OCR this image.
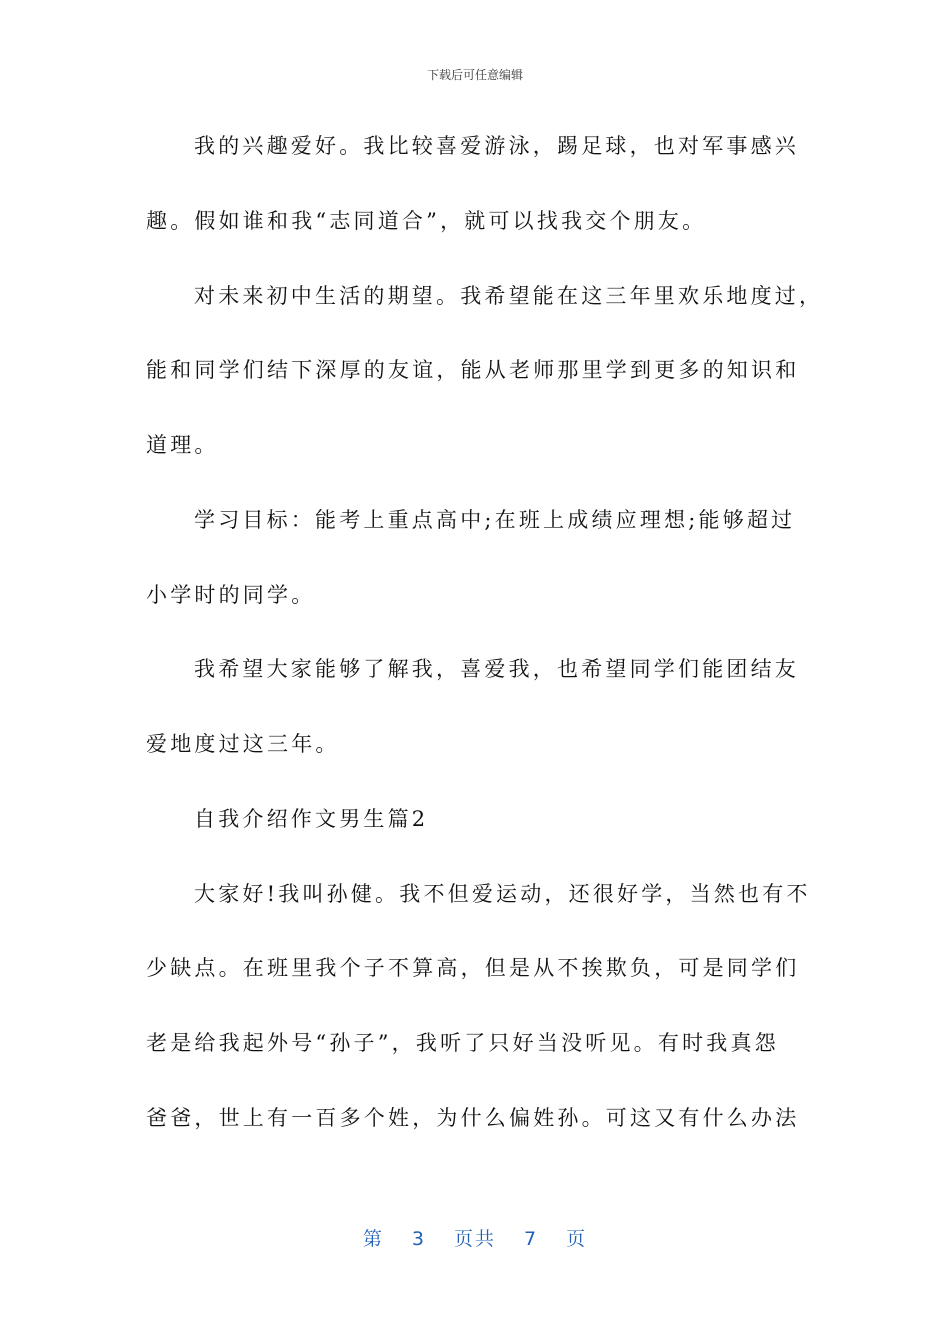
下载后可任意编辑
我的兴趣爱好。我比较喜爱游泳，踢足球，也对军事感兴
趣。假如谁和我“志同道合”，就可以找我交个朋友。
对未来初中生活的期望。我希望能在这三年里欢乐地度过，
能和同学们结下深厚的友谊，能从老师那里学到更多的知识和
道理。
学习目标：能考上重点高中;在班上成绩应理想;能够超过
小学时的同学。
我希望大家能够了解我，喜爱我，也希望同学们能团结友
爱地度过这三年。
自我介绍作文男生篇2
大家好!我叫孙健。我不但爱运动，还很好学，当然也有不
少缺点。在班里我个子不算高，但是从不挨欺负，可是同学们
老是给我起外号“孙子”，我听了只好当没听见。有时我真怨
爸爸，世上有一百多个姓，为什么偏姓孙。可这又有什么办法
第 3 页共 7 页
